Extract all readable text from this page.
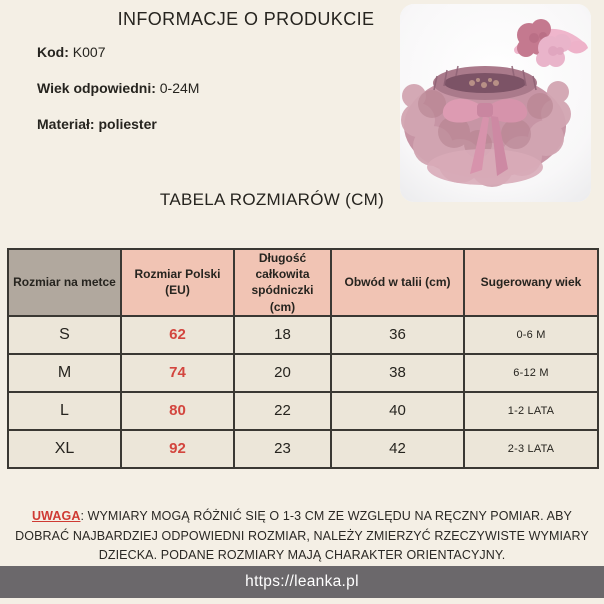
INFORMACJE O PRODUKCIE
Kod: K007
Wiek odpowiedni: 0-24M
Materiał: poliester
TABELA ROZMIARÓW (CM)
Rozmiar na metce	Rozmiar Polski (EU)	Długość całkowita spódniczki (cm)	Obwód w talii (cm)	Sugerowany wiek
S	62	18	36	0-6 M
M	74	20	38	6-12 M
L	80	22	40	1-2 LATA
XL	92	23	42	2-3 LATA
UWAGA: WYMIARY MOGĄ RÓŻNIĆ SIĘ O 1-3 CM ZE WZGLĘDU NA RĘCZNY POMIAR. ABY DOBRAĆ NAJBARDZIEJ ODPOWIEDNI ROZMIAR, NALEŻY ZMIERZYĆ RZECZYWISTE WYMIARY DZIECKA. PODANE ROZMIARY MAJĄ CHARAKTER ORIENTACYJNY.
https://leanka.pl
